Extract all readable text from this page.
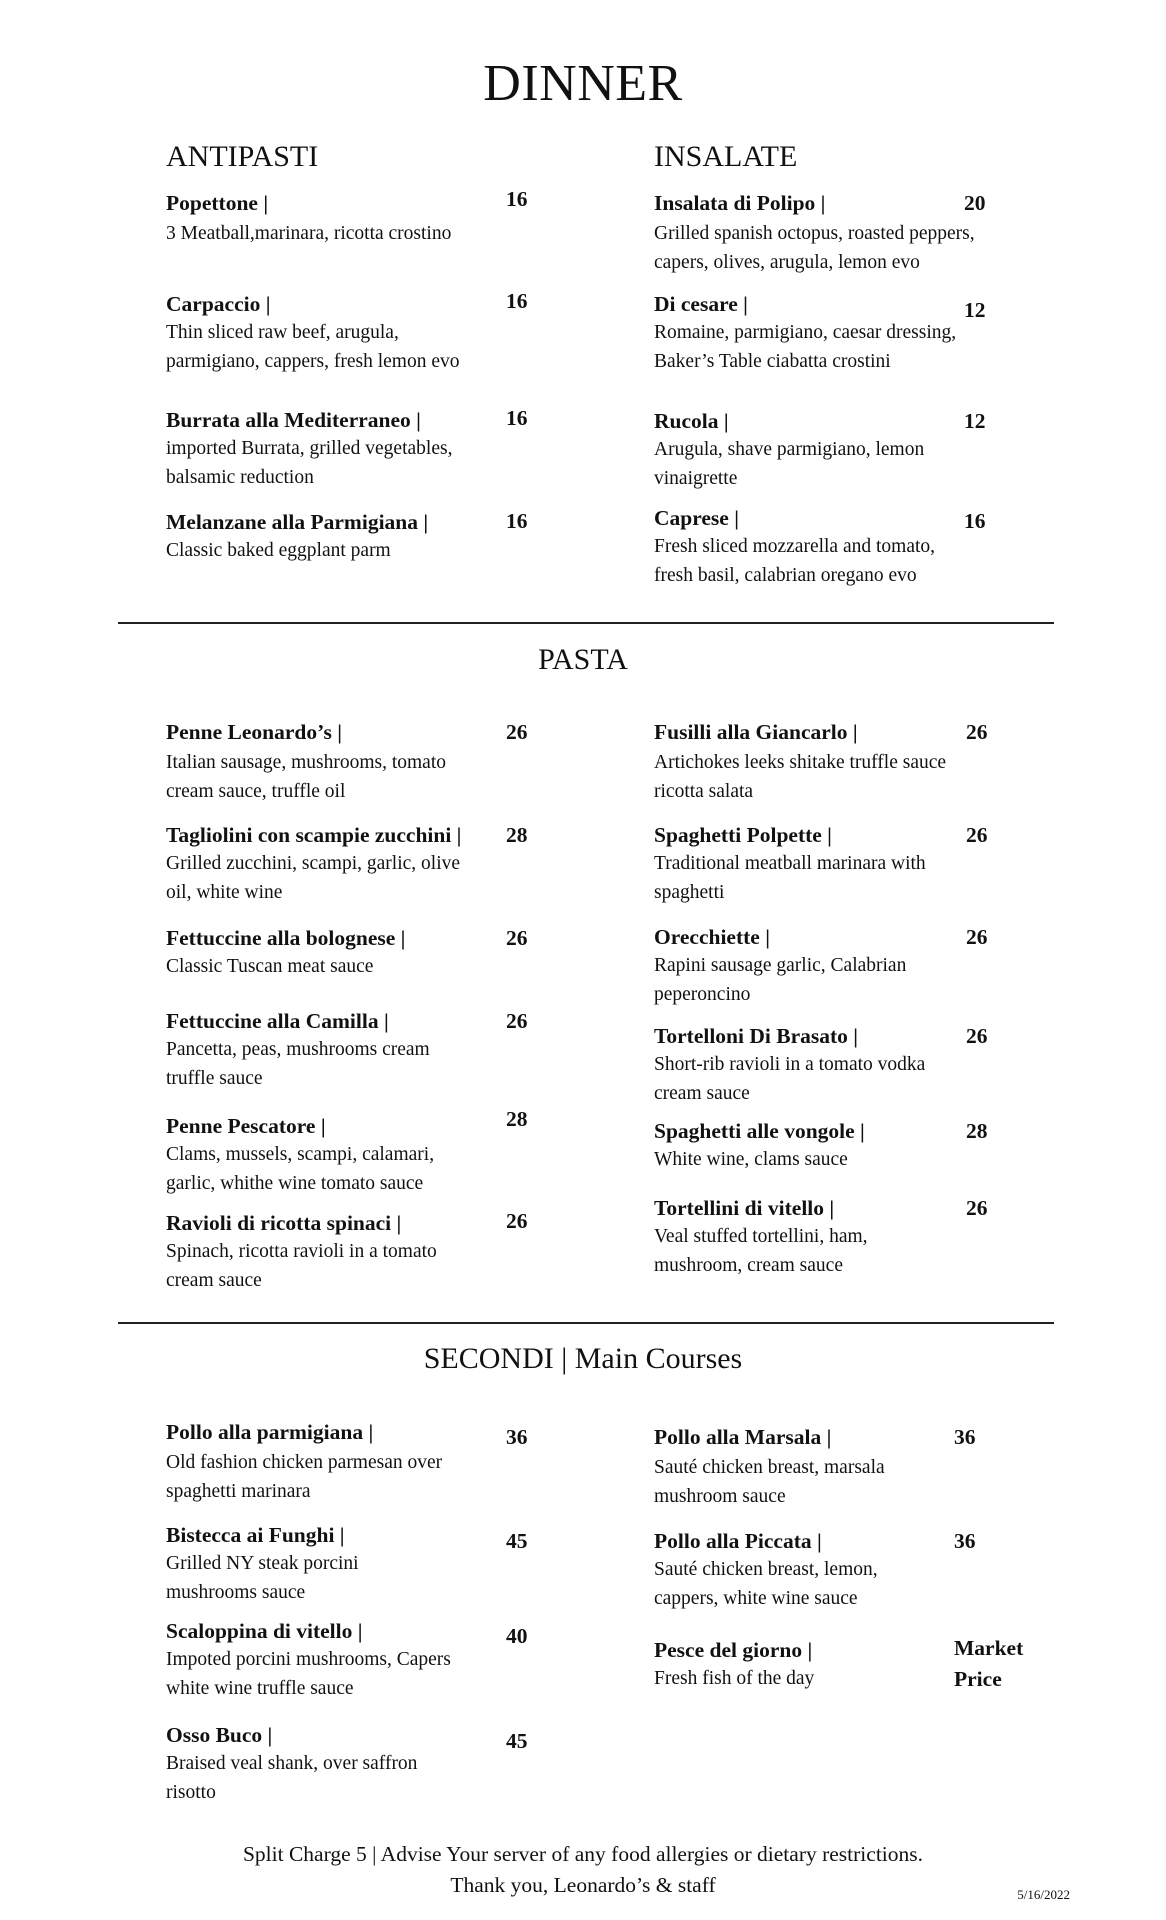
DINNER
ANTIPASTI
Popettone |
3 Meatball,marinara, ricotta crostino
16
Carpaccio |
Thin sliced raw beef, arugula, parmigiano, cappers, fresh lemon evo
16
Burrata alla Mediterraneo |
imported Burrata, grilled vegetables, balsamic reduction
16
Melanzane alla Parmigiana |
Classic baked eggplant parm
16
INSALATE
Insalata di Polipo |
Grilled spanish octopus, roasted peppers, capers, olives, arugula, lemon evo
20
Di cesare |
Romaine, parmigiano, caesar dressing, Baker’s Table ciabatta crostini
12
Rucola |
Arugula, shave parmigiano, lemon vinaigrette
12
Caprese |
Fresh sliced mozzarella and tomato, fresh basil, calabrian oregano evo
16
PASTA
Penne Leonardo’s |
Italian sausage, mushrooms, tomato cream sauce, truffle oil
26
Tagliolini con scampie zucchini |
Grilled zucchini, scampi, garlic, olive oil, white wine
28
Fettuccine alla bolognese |
Classic Tuscan meat sauce
26
Fettuccine alla Camilla |
Pancetta, peas, mushrooms cream truffle sauce
26
Penne Pescatore |
Clams, mussels, scampi, calamari, garlic, whithe wine tomato sauce
28
Ravioli di ricotta spinaci |
Spinach, ricotta ravioli in a tomato cream sauce
26
Fusilli alla Giancarlo |
Artichokes leeks shitake truffle sauce ricotta salata
26
Spaghetti Polpette |
Traditional meatball marinara with spaghetti
26
Orecchiette |
Rapini sausage garlic, Calabrian peperoncino
26
Tortelloni Di Brasato |
Short-rib ravioli in a tomato vodka cream sauce
26
Spaghetti alle vongole |
White wine, clams sauce
28
Tortellini di vitello |
Veal stuffed tortellini, ham, mushroom, cream sauce
26
SECONDI | Main Courses
Pollo alla parmigiana |
Old fashion chicken parmesan over spaghetti marinara
36
Bistecca ai Funghi |
Grilled NY steak porcini mushrooms sauce
45
Scaloppina di vitello |
Impoted porcini mushrooms, Capers white wine truffle sauce
40
Osso Buco |
Braised veal shank, over saffron risotto
45
Pollo alla Marsala |
Sauté chicken breast, marsala mushroom sauce
36
Pollo alla Piccata |
Sauté chicken breast, lemon, cappers, white wine sauce
36
Pesce del giorno |
Fresh fish of the day
Market
Price
Split Charge 5 | Advise Your server of any food allergies or dietary restrictions.
Thank you, Leonardo’s & staff	5/16/2022
